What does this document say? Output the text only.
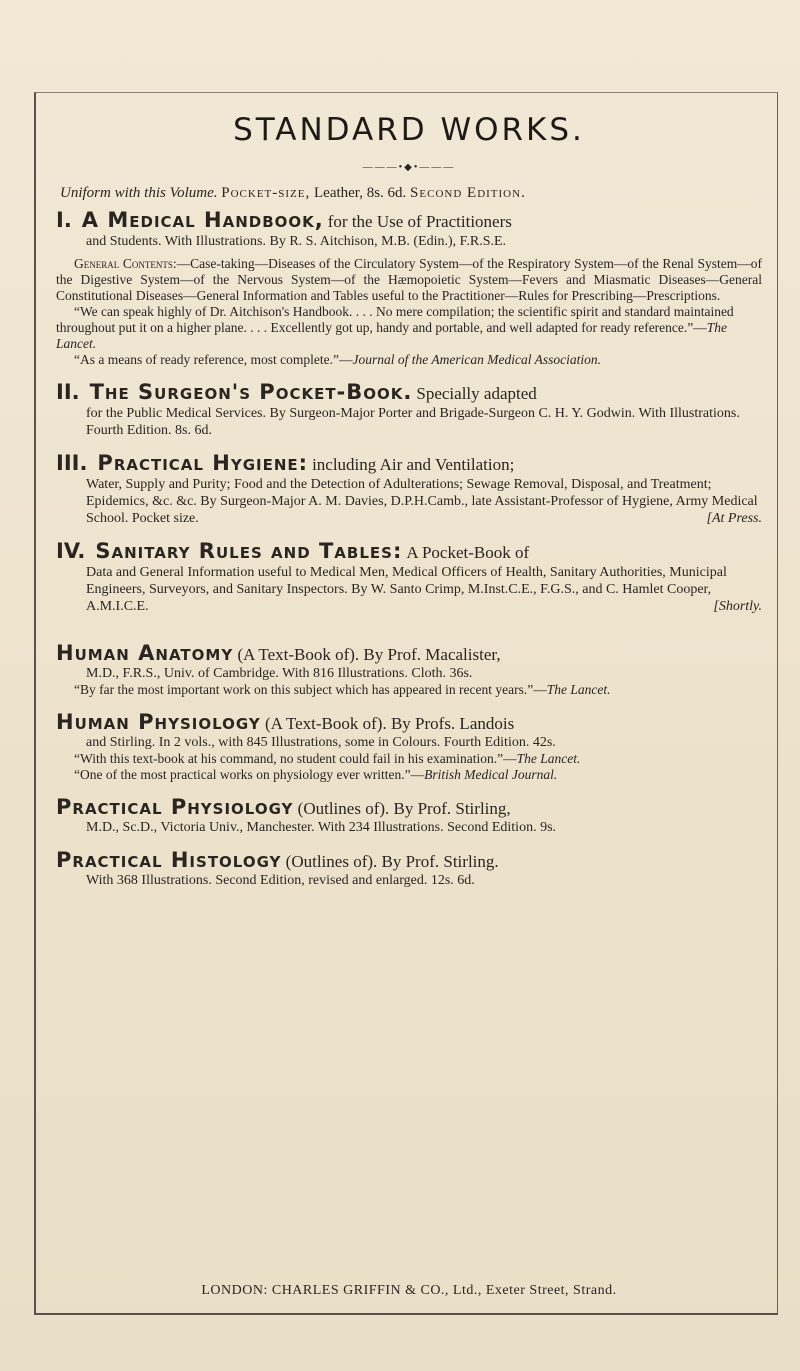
STANDARD WORKS.
———•◆•———
Uniform with this Volume. Pocket-size, Leather, 8s. 6d. Second Edition.
I. A Medical Handbook, for the Use of Practitioners
and Students. With Illustrations. By R. S. Aitchison, M.B. (Edin.), F.R.S.E.
General Contents:—Case-taking—Diseases of the Circulatory System—of the Respiratory System—of the Renal System—of the Digestive System—of the Nervous System—of the Hæmopoietic System—Fevers and Miasmatic Diseases—General Constitutional Diseases—General Information and Tables useful to the Practitioner—Rules for Prescribing—Prescriptions.
“We can speak highly of Dr. Aitchison's Handbook. . . . No mere compilation; the scientific spirit and standard maintained throughout put it on a higher plane. . . . Excellently got up, handy and portable, and well adapted for ready reference.”—The Lancet.
“As a means of ready reference, most complete.”—Journal of the American Medical Association.
II. The Surgeon's Pocket-Book. Specially adapted
for the Public Medical Services. By Surgeon-Major Porter and Brigade-Surgeon C. H. Y. Godwin. With Illustrations. Fourth Edition. 8s. 6d.
III. Practical Hygiene: including Air and Ventilation;
Water, Supply and Purity; Food and the Detection of Adulterations; Sewage Removal, Disposal, and Treatment; Epidemics, &c. &c. By Surgeon-Major A. M. Davies, D.P.H.Camb., late Assistant-Professor of Hygiene, Army Medical School. Pocket size.	[At Press.
IV. Sanitary Rules and Tables: A Pocket-Book of
Data and General Information useful to Medical Men, Medical Officers of Health, Sanitary Authorities, Municipal Engineers, Surveyors, and Sanitary Inspectors. By W. Santo Crimp, M.Inst.C.E., F.G.S., and C. Hamlet Cooper, A.M.I.C.E.	[Shortly.
Human Anatomy (A Text-Book of). By Prof. Macalister,
M.D., F.R.S., Univ. of Cambridge. With 816 Illustrations. Cloth. 36s.
“By far the most important work on this subject which has appeared in recent years.”—The Lancet.
Human Physiology (A Text-Book of). By Profs. Landois
and Stirling. In 2 vols., with 845 Illustrations, some in Colours. Fourth Edition. 42s.
“With this text-book at his command, no student could fail in his examination.”—The Lancet.
“One of the most practical works on physiology ever written.”—British Medical Journal.
Practical Physiology (Outlines of). By Prof. Stirling,
M.D., Sc.D., Victoria Univ., Manchester. With 234 Illustrations. Second Edition. 9s.
Practical Histology (Outlines of). By Prof. Stirling.
With 368 Illustrations. Second Edition, revised and enlarged. 12s. 6d.
LONDON: CHARLES GRIFFIN & CO., Ltd., Exeter Street, Strand.
